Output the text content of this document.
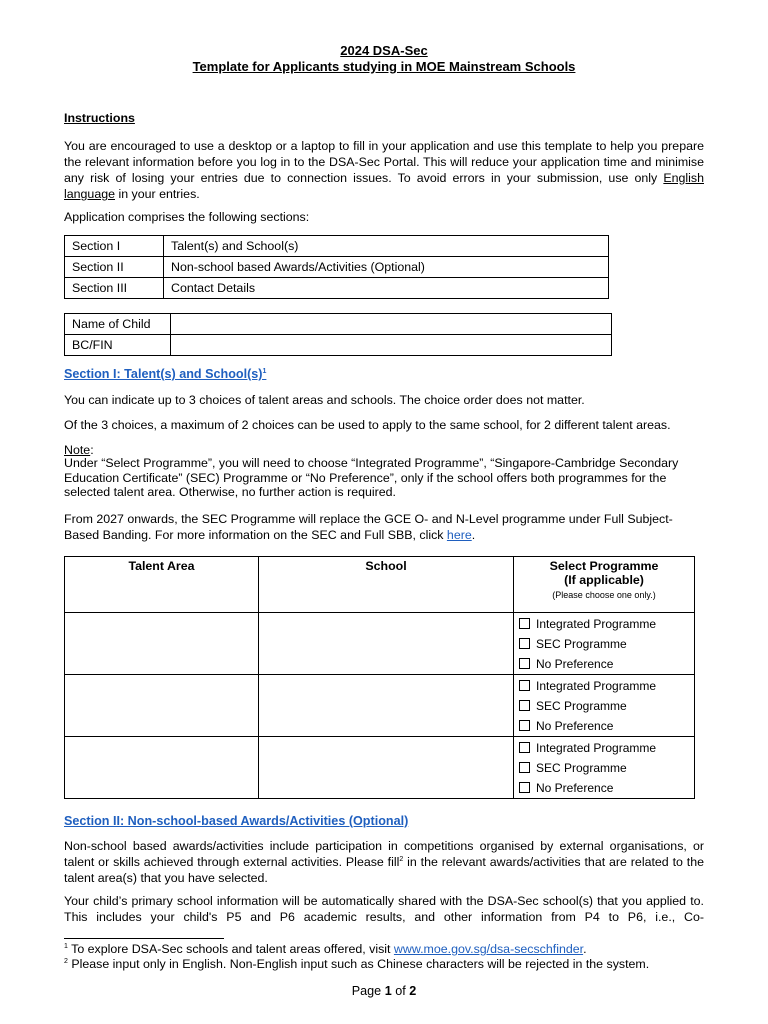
2024 DSA-Sec
Template for Applicants studying in MOE Mainstream Schools
Instructions
You are encouraged to use a desktop or a laptop to fill in your application and use this template to help you prepare the relevant information before you log in to the DSA-Sec Portal. This will reduce your application time and minimise any risk of losing your entries due to connection issues. To avoid errors in your submission, use only English language in your entries.
Application comprises the following sections:
Section I	Talent(s) and School(s)
Section II	Non-school based Awards/Activities (Optional)
Section III	Contact Details
Name of Child	
BC/FIN	
Section I: Talent(s) and $School(s)^1$
You can indicate up to 3 choices of talent areas and schools. The choice order does not matter.
Of the 3 choices, a maximum of 2 choices can be used to apply to the same school, for 2 different talent areas.
Note:
Under “Select Programme”, you will need to choose “Integrated Programme”, “Singapore-Cambridge Secondary Education Certificate” (SEC) Programme or “No Preference”, only if the school offers both programmes for the selected talent area. Otherwise, no further action is required.
From 2027 onwards, the SEC Programme will replace the GCE O- and N-Level programme under Full Subject-Based Banding. For more information on the SEC and Full SBB, click here.
Talent Area	School	Select Programme
(If applicable)
(Please choose one only.)

		Integrated Programme
SEC Programme
No Preference

		Integrated Programme
SEC Programme
No Preference

		Integrated Programme
SEC Programme
No Preference
Section II: Non-school-based Awards/Activities (Optional)
Non-school based awards/activities include participation in competitions organised by external organisations, or talent or skills achieved through external activities. Please fill$^2$ in the relevant awards/activities that are related to the talent area(s) that you have selected.
Your child’s primary school information will be automatically shared with the DSA-Sec school(s) that you applied to. This includes your child's P5 and P6 academic results, and other information from P4 to P6, i.e., Co-
$^1$ To explore DSA-Sec schools and talent areas offered, visit www.moe.gov.sg/dsa-secschfinder.
$^2$ Please input only in English. Non-English input such as Chinese characters will be rejected in the system.
Page 1 of 2
